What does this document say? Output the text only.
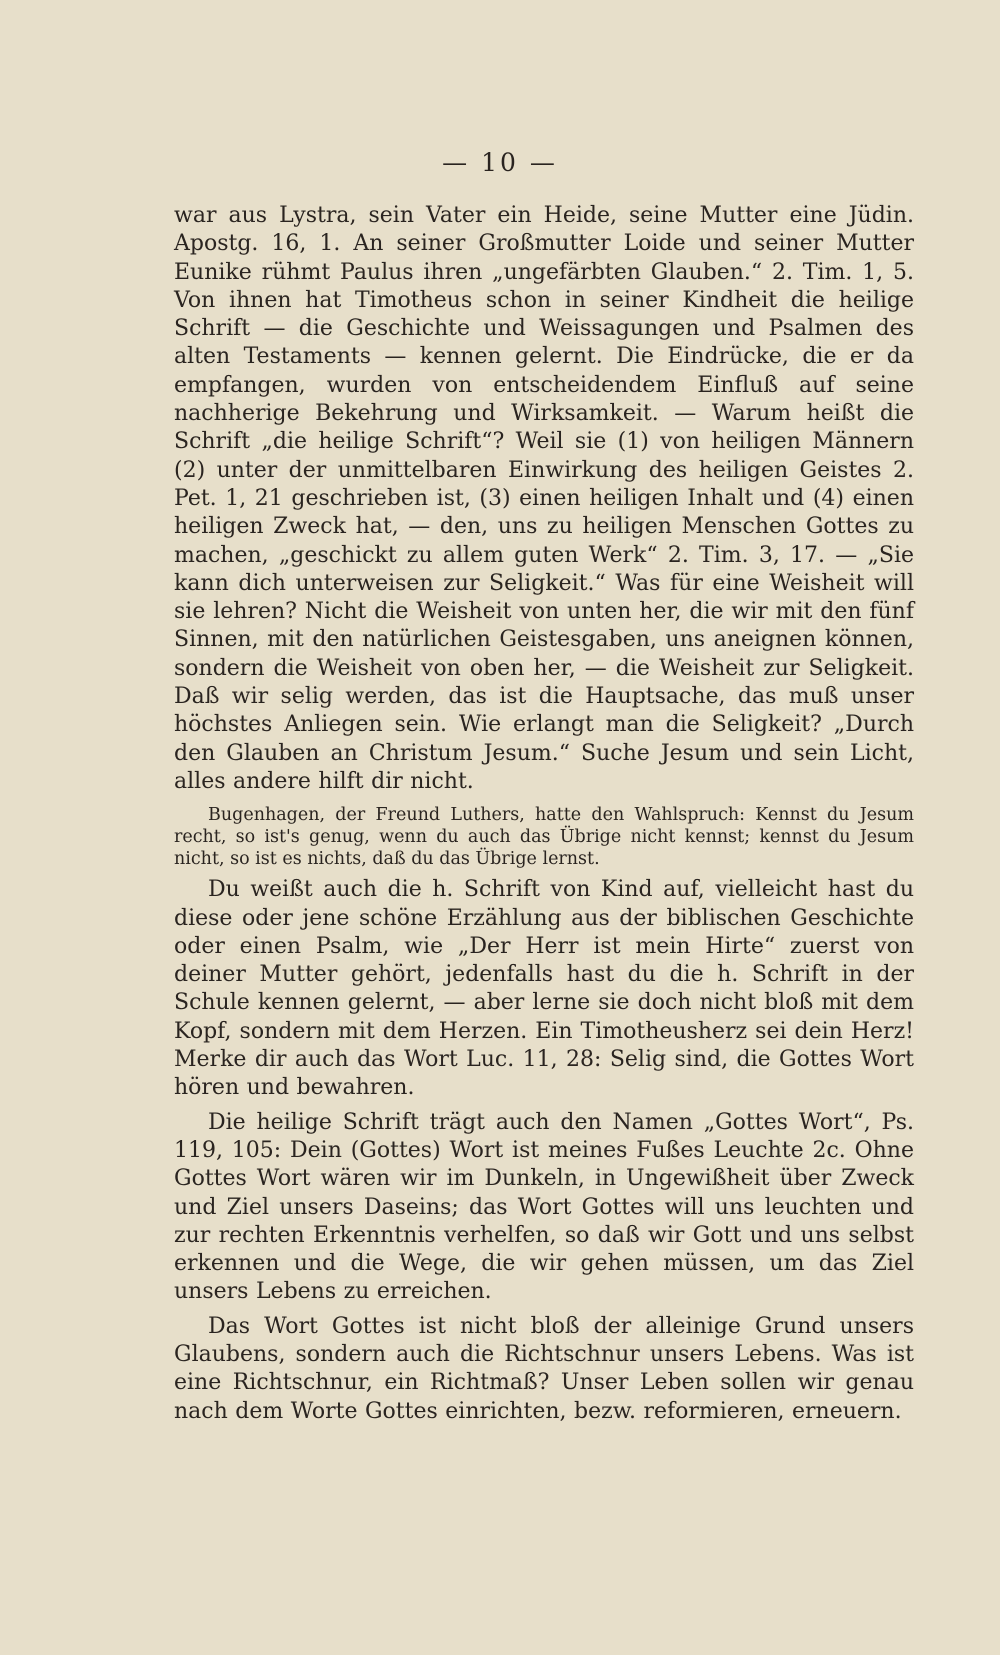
— 10 —

war aus Lystra, sein Vater ein Heide, seine Mutter eine Jüdin. Apostg. 16, 1. An seiner Großmutter Loide und seiner Mutter Eunike rühmt Paulus ihren „ungefärbten Glauben.“ 2. Tim. 1, 5. Von ihnen hat Timotheus schon in seiner Kindheit die heilige Schrift — die Geschichte und Weissagungen und Psalmen des alten Testaments — kennen gelernt. Die Eindrücke, die er da empfangen, wurden von entscheidendem Einfluß auf seine nachherige Bekehrung und Wirksamkeit. — Warum heißt die Schrift „die heilige Schrift“? Weil sie (1) von heiligen Männern (2) unter der unmittelbaren Einwirkung des heiligen Geistes 2. Pet. 1, 21 geschrieben ist, (3) einen heiligen Inhalt und (4) einen heiligen Zweck hat, — den, uns zu heiligen Menschen Gottes zu machen, „geschickt zu allem guten Werk“ 2. Tim. 3, 17. — „Sie kann dich unterweisen zur Seligkeit.“ Was für eine Weisheit will sie lehren? Nicht die Weisheit von unten her, die wir mit den fünf Sinnen, mit den natürlichen Geistesgaben, uns aneignen können, sondern die Weisheit von oben her, — die Weisheit zur Seligkeit. Daß wir selig werden, das ist die Hauptsache, das muß unser höchstes Anliegen sein. Wie erlangt man die Seligkeit? „Durch den Glauben an Christum Jesum.“ Suche Jesum und sein Licht, alles andere hilft dir nicht.

Bugenhagen, der Freund Luthers, hatte den Wahlspruch: Kennst du Jesum recht, so ist's genug, wenn du auch das Übrige nicht kennst; kennst du Jesum nicht, so ist es nichts, daß du das Übrige lernst.

Du weißt auch die h. Schrift von Kind auf, vielleicht hast du diese oder jene schöne Erzählung aus der biblischen Geschichte oder einen Psalm, wie „Der Herr ist mein Hirte“ zuerst von deiner Mutter gehört, jedenfalls hast du die h. Schrift in der Schule kennen gelernt, — aber lerne sie doch nicht bloß mit dem Kopf, sondern mit dem Herzen. Ein Timotheusherz sei dein Herz! Merke dir auch das Wort Luc. 11, 28: Selig sind, die Gottes Wort hören und bewahren.

Die heilige Schrift trägt auch den Namen „Gottes Wort“, Ps. 119, 105: Dein (Gottes) Wort ist meines Fußes Leuchte 2c. Ohne Gottes Wort wären wir im Dunkeln, in Ungewißheit über Zweck und Ziel unsers Daseins; das Wort Gottes will uns leuchten und zur rechten Erkenntnis verhelfen, so daß wir Gott und uns selbst erkennen und die Wege, die wir gehen müssen, um das Ziel unsers Lebens zu erreichen.

Das Wort Gottes ist nicht bloß der alleinige Grund unsers Glaubens, sondern auch die Richtschnur unsers Lebens. Was ist eine Richtschnur, ein Richtmaß? Unser Leben sollen wir genau nach dem Worte Gottes einrichten, bezw. reformieren, erneuern.
